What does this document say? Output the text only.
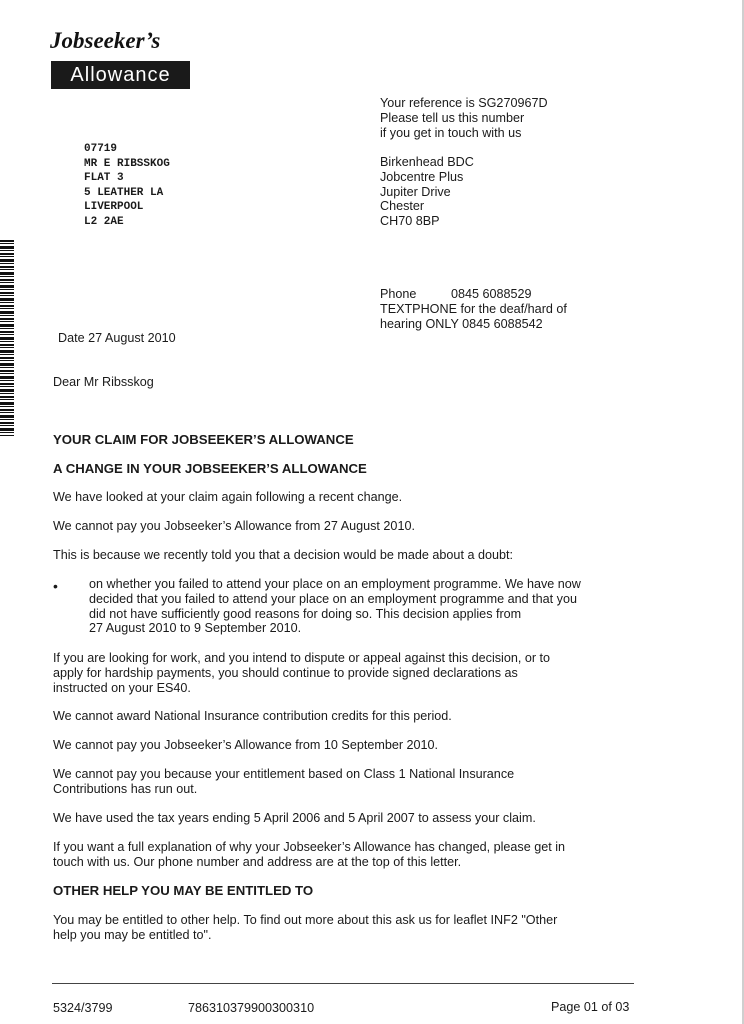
Jobseeker’s
Allowance
Your reference is SG270967D
Please tell us this number
if you get in touch with us
07719
MR E RIBSSKOG
FLAT 3
5 LEATHER LA
LIVERPOOL
L2 2AE
Birkenhead BDC
Jobcentre Plus
Jupiter Drive
Chester
CH70 8BP
Phone	0845 6088529
TEXTPHONE for the deaf/hard of
hearing ONLY 0845 6088542
Date 27 August 2010
Dear Mr Ribsskog
YOUR CLAIM FOR JOBSEEKER’S ALLOWANCE
A CHANGE IN YOUR JOBSEEKER’S ALLOWANCE
We have looked at your claim again following a recent change.
We cannot pay you Jobseeker’s Allowance from 27 August 2010.
This is because we recently told you that a decision would be made about a doubt:
• on whether you failed to attend your place on an employment programme. We have now
decided that you failed to attend your place on an employment programme and that you
did not have sufficiently good reasons for doing so. This decision applies from
27 August 2010 to 9 September 2010.
If you are looking for work, and you intend to dispute or appeal against this decision, or to
apply for hardship payments, you should continue to provide signed declarations as
instructed on your ES40.
We cannot award National Insurance contribution credits for this period.
We cannot pay you Jobseeker’s Allowance from 10 September 2010.
We cannot pay you because your entitlement based on Class 1 National Insurance
Contributions has run out.
We have used the tax years ending 5 April 2006 and 5 April 2007 to assess your claim.
If you want a full explanation of why your Jobseeker’s Allowance has changed, please get in
touch with us. Our phone number and address are at the top of this letter.
OTHER HELP YOU MAY BE ENTITLED TO
You may be entitled to other help. To find out more about this ask us for leaflet INF2 "Other
help you may be entitled to".
5324/3799	786310379900300310	Page 01 of 03
